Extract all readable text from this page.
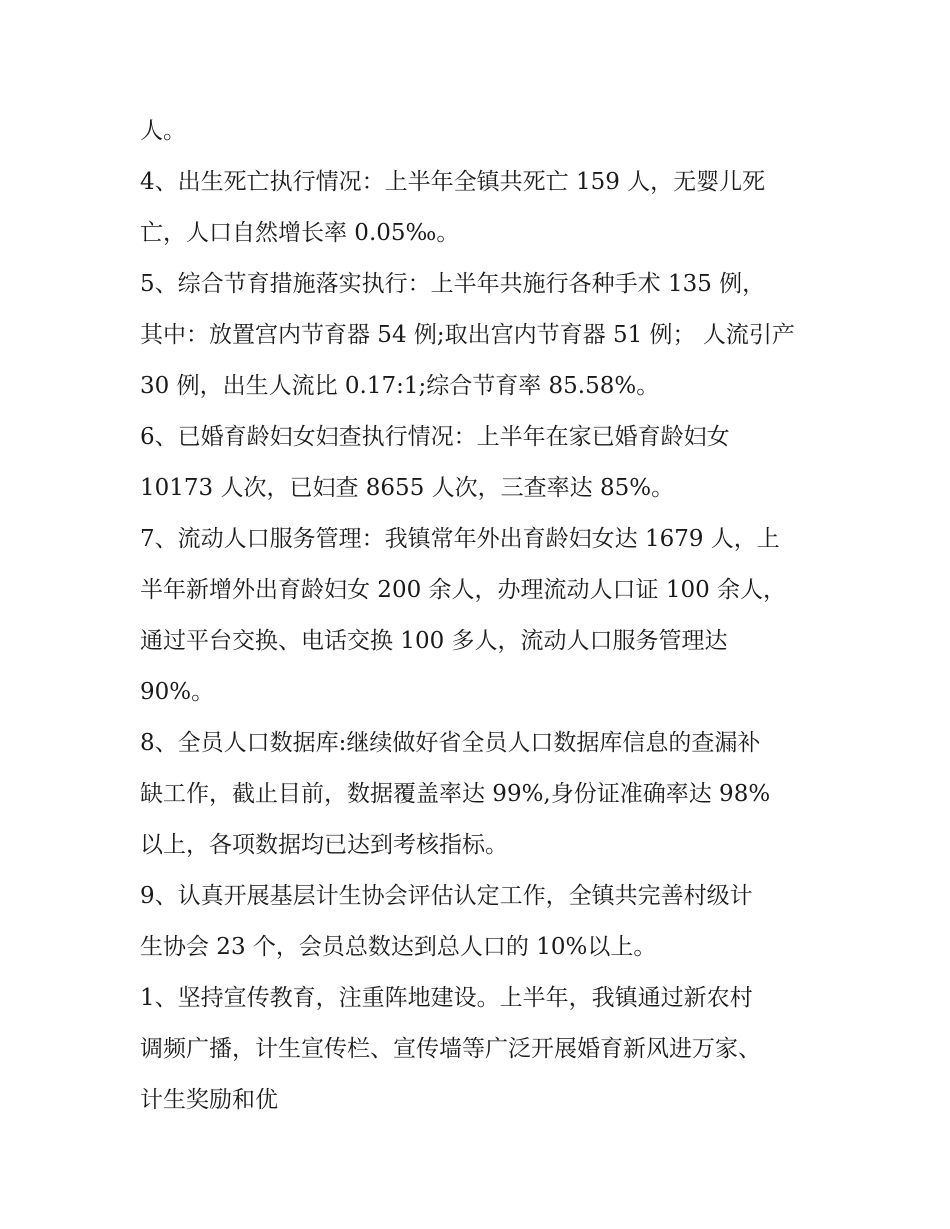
人。
4、出生死亡执行情况：上半年全镇共死亡 159 人，无婴儿死
亡，人口自然增长率 0.05‰。
5、综合节育措施落实执行：上半年共施行各种手术 135 例，
其中：放置宫内节育器 54 例;取出宫内节育器 51 例； 人流引产
30 例，出生人流比 0.17:1;综合节育率 85.58%。
6、已婚育龄妇女妇查执行情况：上半年在家已婚育龄妇女
10173 人次，已妇查 8655 人次，三查率达 85%。
7、流动人口服务管理：我镇常年外出育龄妇女达 1679 人，上
半年新增外出育龄妇女 200 余人，办理流动人口证 100 余人，
通过平台交换、电话交换 100 多人，流动人口服务管理达
90%。
8、全员人口数据库:继续做好省全员人口数据库信息的查漏补
缺工作，截止目前，数据覆盖率达 99%,身份证准确率达 98%
以上，各项数据均已达到考核指标。
9、认真开展基层计生协会评估认定工作，全镇共完善村级计
生协会 23 个，会员总数达到总人口的 10%以上。
1、坚持宣传教育，注重阵地建设。上半年，我镇通过新农村
调频广播，计生宣传栏、宣传墙等广泛开展婚育新风进万家、
计生奖励和优
